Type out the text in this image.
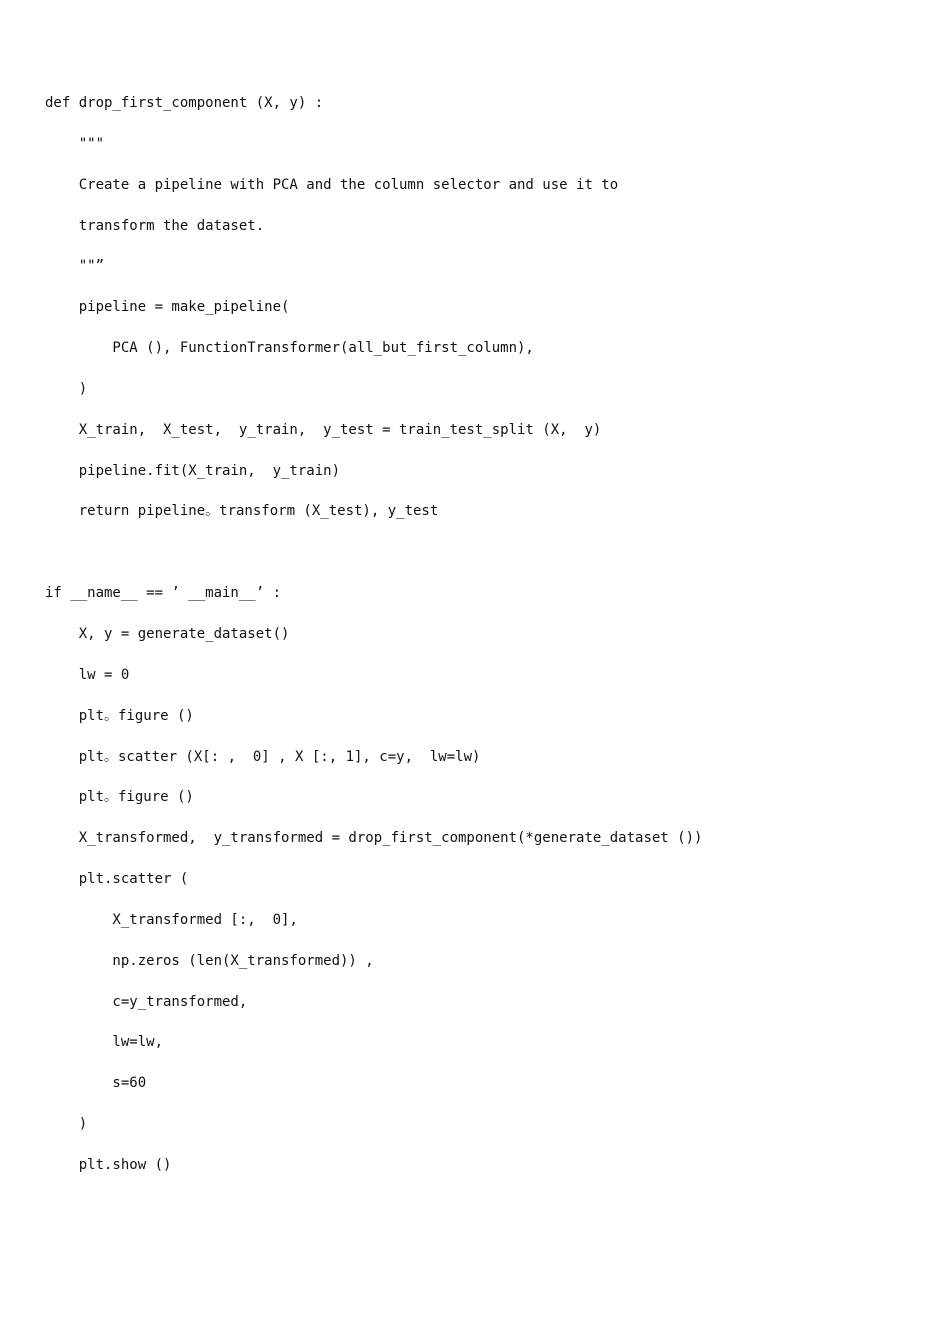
def drop_first_component (X, y) :
"""
Create a pipeline with PCA and the column selector and use it to
transform the dataset.
""”
pipeline = make_pipeline(
PCA (), FunctionTransformer(all_but_first_column),
)
X_train,  X_test,  y_train,  y_test = train_test_split (X,  y)
pipeline.fit(X_train,  y_train)
return pipeline。transform (X_test), y_test
if __name__ == ’ __main__’ :
X, y = generate_dataset()
lw = 0
plt。figure ()
plt。scatter (X[: ,  0] , X [:, 1], c=y,  lw=lw)
plt。figure ()
X_transformed,  y_transformed = drop_first_component(*generate_dataset ())
plt.scatter (
X_transformed [:,  0],
np.zeros (len(X_transformed)) ,
c=y_transformed,
lw=lw,
s=60
)
plt.show ()
